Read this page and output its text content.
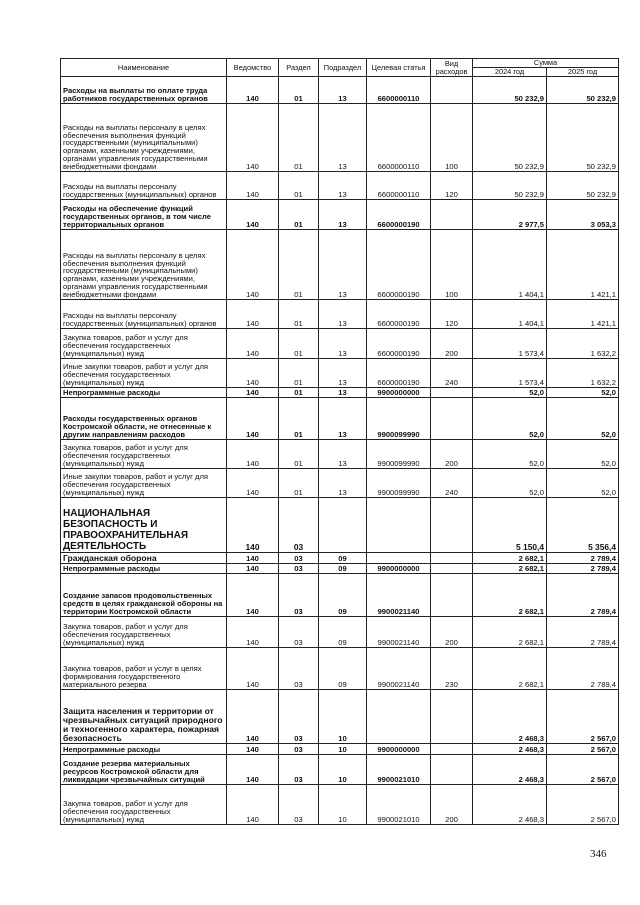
Наименование	Ведомство	Раздел	Подраздел	Целевая статья	Вид расходов	Сумма	
						2024 год	2025 год
Расходы на выплаты по оплате труда работников государственных органов	140	01	13	6600000110		50 232,9	50 232,9
Расходы на выплаты персоналу в целях обеспечения выполнения функций государственными (муниципальными) органами, казенными учреждениями, органами управления государственными внебюджетными фондами	140	01	13	6600000110	100	50 232,9	50 232,9
Расходы на выплаты персоналу государственных (муниципальных) органов	140	01	13	6600000110	120	50 232,9	50 232,9
Расходы на обеспечение функций государственных органов, в том числе территориальных органов	140	01	13	6600000190		2 977,5	3 053,3
Расходы на выплаты персоналу в целях обеспечения выполнения функций государственными (муниципальными) органами, казенными учреждениями, органами управления государственными внебюджетными фондами	140	01	13	6600000190	100	1 404,1	1 421,1
Расходы на выплаты персоналу государственных (муниципальных) органов	140	01	13	6600000190	120	1 404,1	1 421,1
Закупка товаров, работ и услуг для обеспечения государственных (муниципальных) нужд	140	01	13	6600000190	200	1 573,4	1 632,2
Иные закупки товаров, работ и услуг для обеспечения государственных (муниципальных) нужд	140	01	13	6600000190	240	1 573,4	1 632,2
Непрограммные расходы	140	01	13	9900000000		52,0	52,0
Расходы государственных органов Костромской области, не отнесенные к другим направлениям расходов	140	01	13	9900099990		52,0	52,0
Закупка товаров, работ и услуг для обеспечения государственных (муниципальных) нужд	140	01	13	9900099990	200	52,0	52,0
Иные закупки товаров, работ и услуг для обеспечения государственных (муниципальных) нужд	140	01	13	9900099990	240	52,0	52,0
НАЦИОНАЛЬНАЯ БЕЗОПАСНОСТЬ И ПРАВООХРАНИТЕЛЬНАЯ ДЕЯТЕЛЬНОСТЬ	140	03				5 150,4	5 356,4
Гражданская оборона	140	03	09			2 682,1	2 789,4
Непрограммные расходы	140	03	09	9900000000		2 682,1	2 789,4
Создание запасов продовольственных средств в целях гражданской обороны на территории Костромской области	140	03	09	9900021140		2 682,1	2 789,4
Закупка товаров, работ и услуг для обеспечения государственных (муниципальных) нужд	140	03	09	9900021140	200	2 682,1	2 789,4
Закупка товаров, работ и услуг в целях формирования государственного материального резерва	140	03	09	9900021140	230	2 682,1	2 789,4
Защита населения и территории от чрезвычайных ситуаций природного и техногенного характера, пожарная безопасность	140	03	10			2 468,3	2 567,0
Непрограммные расходы	140	03	10	9900000000		2 468,3	2 567,0
Создание резерва материальных ресурсов Костромской области для ликвидации чрезвычайных ситуаций	140	03	10	9900021010		2 468,3	2 567,0
Закупка товаров, работ и услуг для обеспечения государственных (муниципальных) нужд	140	03	10	9900021010	200	2 468,3	2 567,0
346
